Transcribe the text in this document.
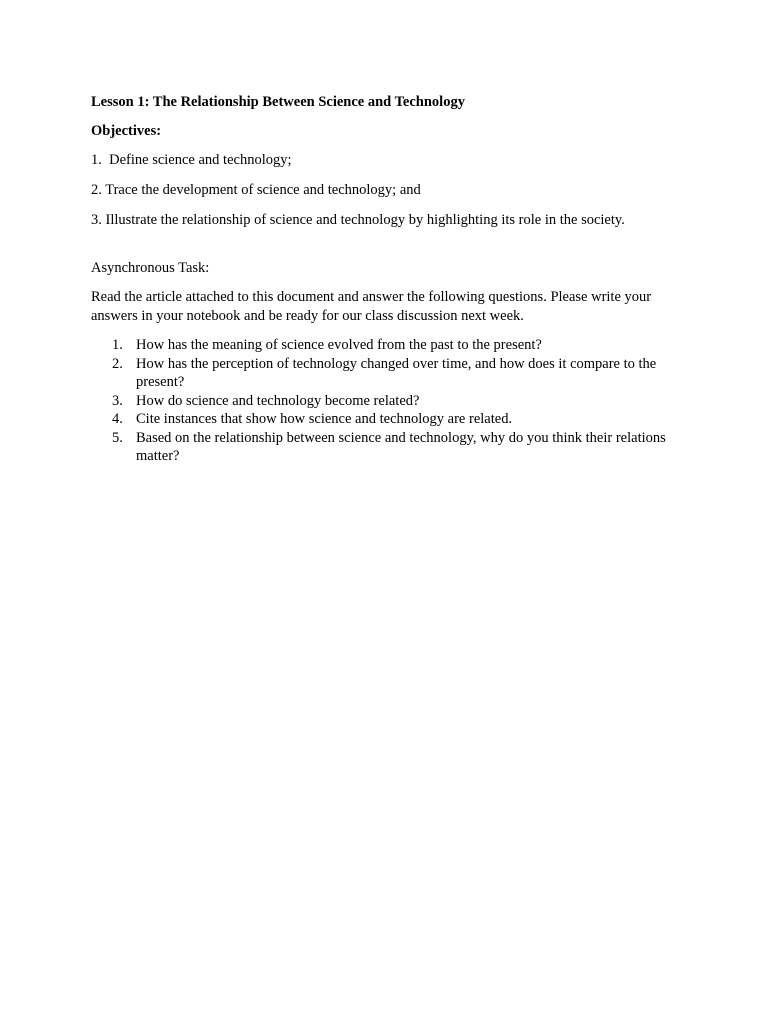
Lesson 1: The Relationship Between Science and Technology

Objectives:

1.  Define science and technology;

2. Trace the development of science and technology; and

3. Illustrate the relationship of science and technology by highlighting its role in the society.

Asynchronous Task:

Read the article attached to this document and answer the following questions. Please write your answers in your notebook and be ready for our class discussion next week.

1. How has the meaning of science evolved from the past to the present?
2. How has the perception of technology changed over time, and how does it compare to the present?
3. How do science and technology become related?
4. Cite instances that show how science and technology are related.
5. Based on the relationship between science and technology, why do you think their relations matter?
